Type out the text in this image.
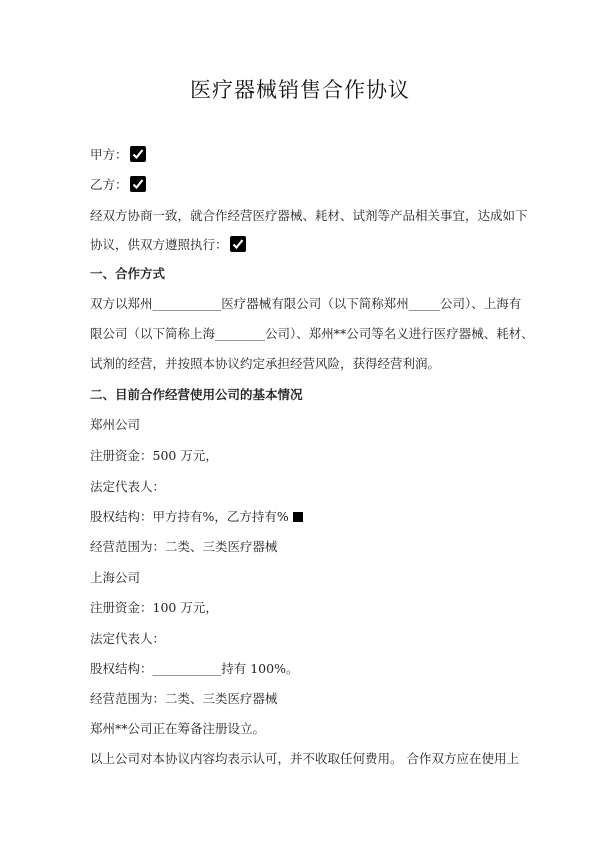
医疗器械销售合作协议
甲方：
乙方：
经双方协商一致，就合作经营医疗器械、耗材、试剂等产品相关事宜，达成如下
协议，供双方遵照执行：
一、合作方式
双方以郑州___________医疗器械有限公司（以下简称郑州_____公司）、上海有
限公司（以下简称上海________公司）、郑州**公司等名义进行医疗器械、耗材、
试剂的经营，并按照本协议约定承担经营风险，获得经营利润。
二、目前合作经营使用公司的基本情况
郑州公司
注册资金：500 万元，
法定代表人：
股权结构：甲方持有%，乙方持有%
经营范围为：二类、三类医疗器械
上海公司
注册资金：100 万元，
法定代表人：
股权结构：___________持有 100%。
经营范围为：二类、三类医疗器械
郑州**公司正在筹备注册设立。
以上公司对本协议内容均表示认可，并不收取任何费用。 合作双方应在使用上
